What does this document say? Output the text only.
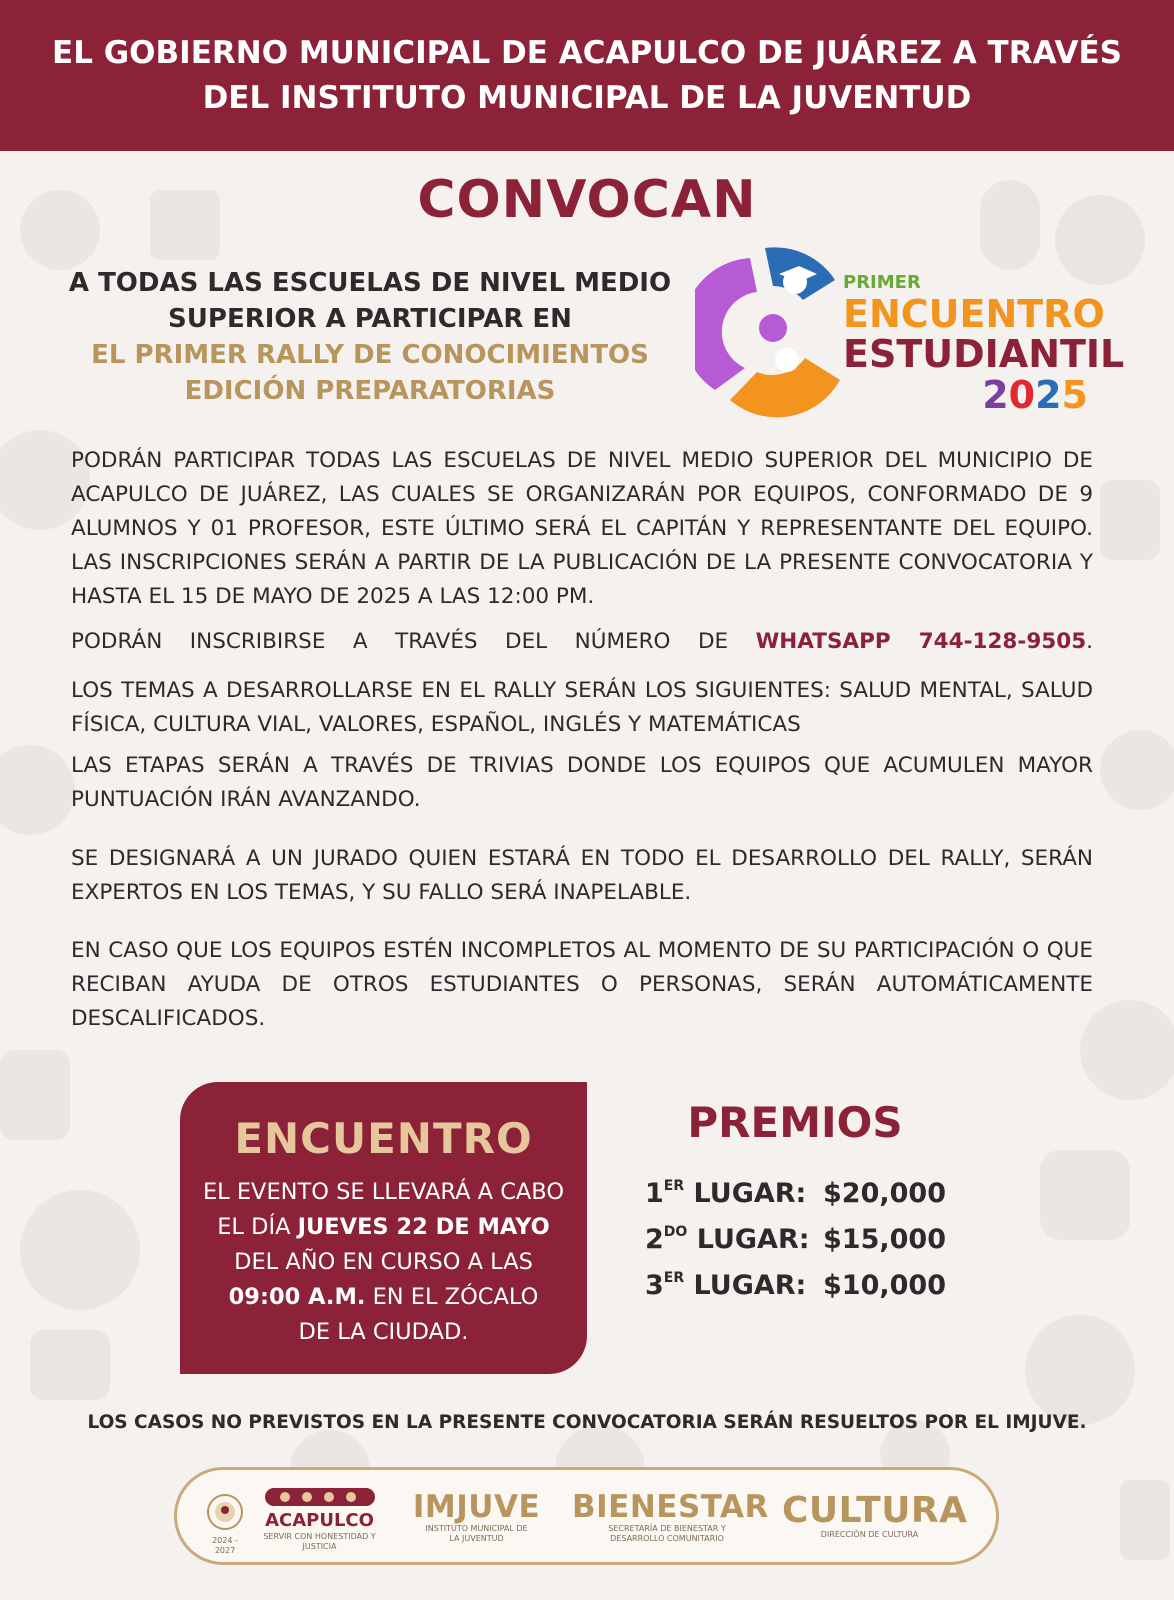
EL GOBIERNO MUNICIPAL DE ACAPULCO DE JUÁREZ A TRAVÉS
DEL INSTITUTO MUNICIPAL DE LA JUVENTUD
CONVOCAN
A TODAS LAS ESCUELAS DE NIVEL MEDIO
SUPERIOR A PARTICIPAR EN
EL PRIMER RALLY DE CONOCIMIENTOS
EDICIÓN PREPARATORIAS
PRIMER
ENCUENTRO
ESTUDIANTIL
2025
PODRÁN PARTICIPAR TODAS LAS ESCUELAS DE NIVEL MEDIO SUPERIOR DEL MUNICIPIO DE ACAPULCO DE JUÁREZ, LAS CUALES SE ORGANIZARÁN POR EQUIPOS, CONFORMADO DE 9 ALUMNOS Y 01 PROFESOR, ESTE ÚLTIMO SERÁ EL CAPITÁN Y REPRESENTANTE DEL EQUIPO. LAS INSCRIPCIONES SERÁN A PARTIR DE LA PUBLICACIÓN DE LA PRESENTE CONVOCATORIA Y HASTA EL 15 DE MAYO DE 2025 A LAS 12:00 PM.
PODRÁN INSCRIBIRSE A TRAVÉS DEL NÚMERO DE WHATSAPP 744-128-9505.
LOS TEMAS A DESARROLLARSE EN EL RALLY SERÁN LOS SIGUIENTES: SALUD MENTAL, SALUD FÍSICA, CULTURA VIAL, VALORES, ESPAÑOL, INGLÉS Y MATEMÁTICAS
LAS ETAPAS SERÁN A TRAVÉS DE TRIVIAS DONDE LOS EQUIPOS QUE ACUMULEN MAYOR PUNTUACIÓN IRÁN AVANZANDO.
SE DESIGNARÁ A UN JURADO QUIEN ESTARÁ EN TODO EL DESARROLLO DEL RALLY, SERÁN EXPERTOS EN LOS TEMAS, Y SU FALLO SERÁ INAPELABLE.
EN CASO QUE LOS EQUIPOS ESTÉN INCOMPLETOS AL MOMENTO DE SU PARTICIPACIÓN O QUE RECIBAN AYUDA DE OTROS ESTUDIANTES O PERSONAS, SERÁN AUTOMÁTICAMENTE DESCALIFICADOS.
ENCUENTRO
EL EVENTO SE LLEVARÁ A CABO
EL DÍA JUEVES 22 DE MAYO
DEL AÑO EN CURSO A LAS
09:00 A.M. EN EL ZÓCALO
DE LA CIUDAD.
PREMIOS
1ER LUGAR: $20,000
$2^{DO}$ LUGAR: $15,000
3ER LUGAR: $10,000
LOS CASOS NO PREVISTOS EN LA PRESENTE CONVOCATORIA SERÁN RESUELTOS POR EL IMJUVE.
2024 - 2027
ACAPULCO
SERVIR CON HONESTIDAD Y JUSTICIA
IMJUVE
INSTITUTO MUNICIPAL DE
LA JUVENTUD
BIENESTAR
SECRETARÍA DE BIENESTAR Y
DESARROLLO COMUNITARIO
CULTURA
DIRECCIÓN DE CULTURA
